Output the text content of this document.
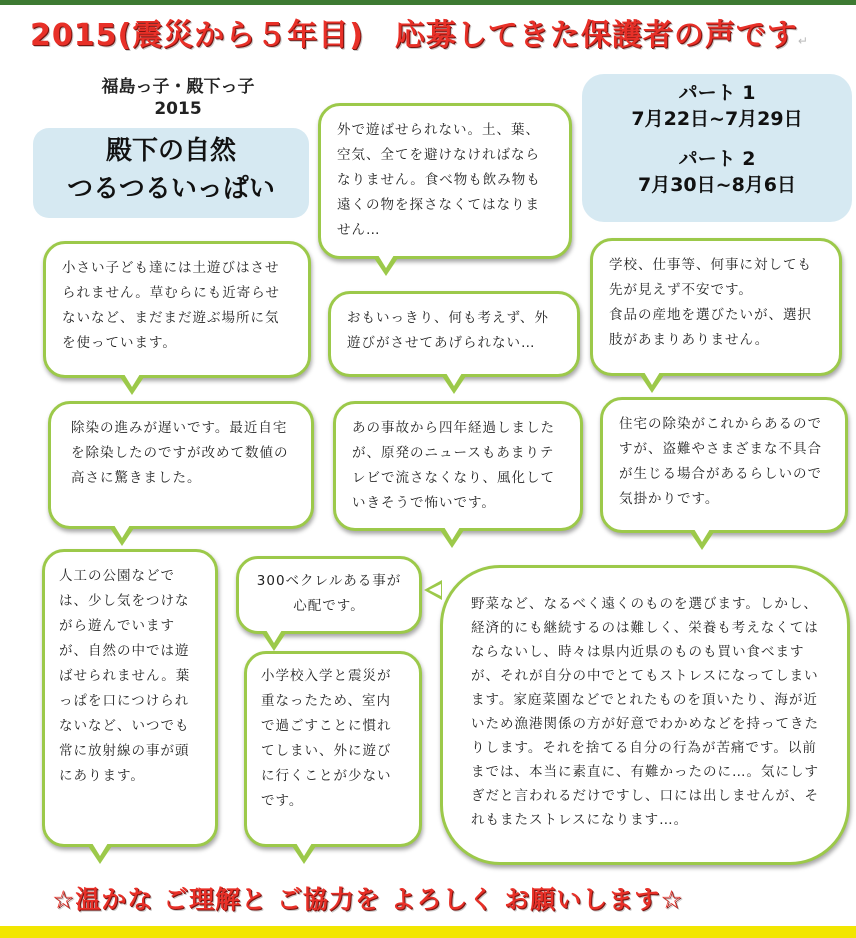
2015(震災から５年目)　応募してきた保護者の声です↵
福島っ子・殿下っ子
2015
殿下の自然
つるつるいっぱい
パート 1
7月22日~7月29日
パート 2
7月30日~8月6日
外で遊ばせられない。土、葉、空気、全てを避けなければならなりません。食べ物も飲み物も遠くの物を探さなくてはなりません…
小さい子ども達には土遊びはさせられません。草むらにも近寄らせないなど、まだまだ遊ぶ場所に気を使っています。
おもいっきり、何も考えず、外遊びがさせてあげられない…
学校、仕事等、何事に対しても先が見えず不安です。
食品の産地を選びたいが、選択肢があまりありません。
除染の進みが遅いです。最近自宅を除染したのですが改めて数値の高さに驚きました。
あの事故から四年経過しましたが、原発のニュースもあまりテレビで流さなくなり、風化していきそうで怖いです。
住宅の除染がこれからあるのですが、盗難やさまざまな不具合が生じる場合があるらしいので気掛かりです。
人工の公園などでは、少し気をつけながら遊んでいますが、自然の中では遊ばせられません。葉っぱを口につけられないなど、いつでも常に放射線の事が頭にあります。
300ベクレルある事が心配です。
小学校入学と震災が重なったため、室内で過ごすことに慣れてしまい、外に遊びに行くことが少ないです。
野菜など、なるべく遠くのものを選びます。しかし、経済的にも継続するのは難しく、栄養も考えなくてはならないし、時々は県内近県のものも買い食べますが、それが自分の中でとてもストレスになってしまいます。家庭菜園などでとれたものを頂いたり、海が近いため漁港関係の方が好意でわかめなどを持ってきたりします。それを捨てる自分の行為が苦痛です。以前までは、本当に素直に、有難かったのに…。気にしすぎだと言われるだけですし、口には出しませんが、それもまたストレスになります…。
☆温かな ご理解と ご協力を よろしく お願いします☆
